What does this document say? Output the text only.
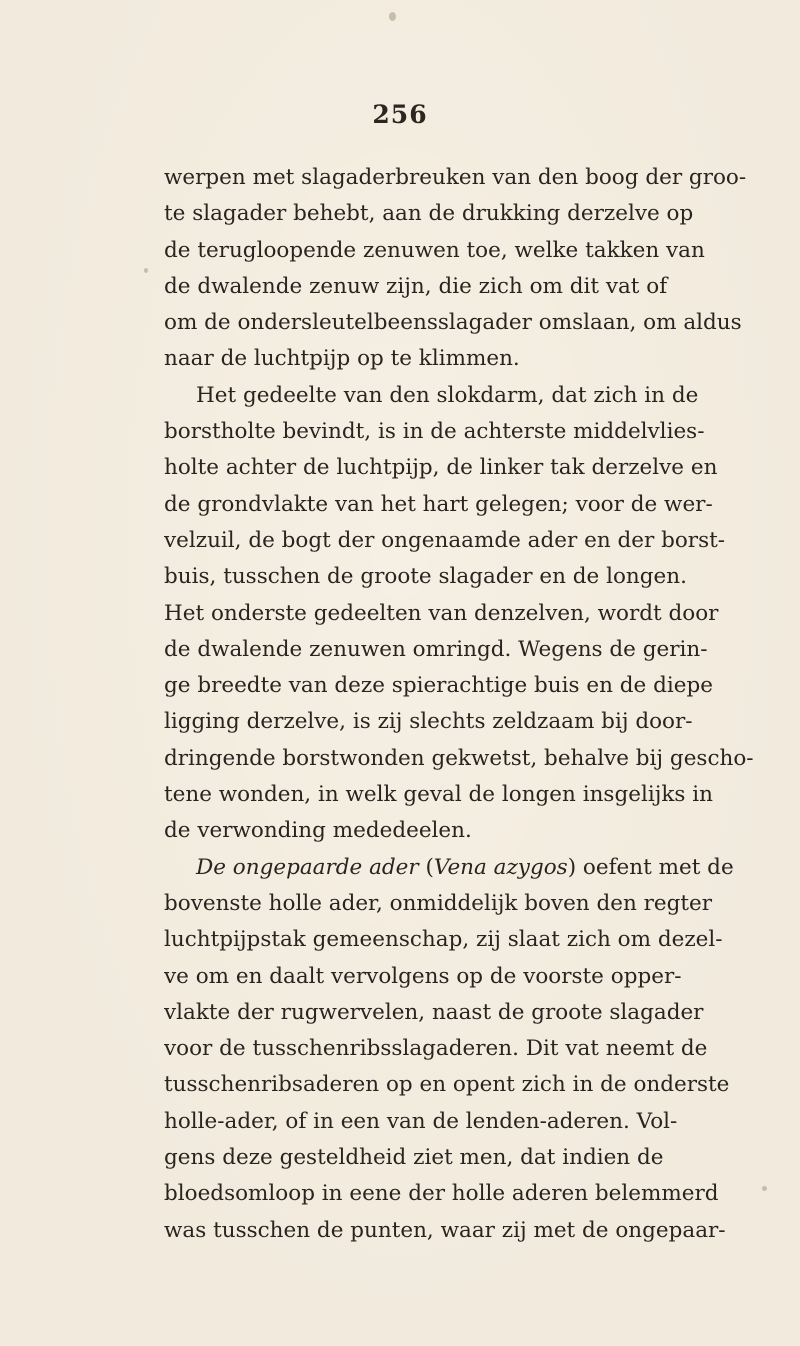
256
werpen met slagaderbreuken van den boog der groo-
te slagader behebt, aan de drukking derzelve op
de terugloopende zenuwen toe, welke takken van
de dwalende zenuw zijn, die zich om dit vat of
om de ondersleutelbeensslagader omslaan, om aldus
naar de luchtpijp op te klimmen.
Het gedeelte van den slokdarm, dat zich in de
borstholte bevindt, is in de achterste middelvlies-
holte achter de luchtpijp, de linker tak derzelve en
de grondvlakte van het hart gelegen; voor de wer-
velzuil, de bogt der ongenaamde ader en der borst-
buis, tusschen de groote slagader en de longen.
Het onderste gedeelten van denzelven, wordt door
de dwalende zenuwen omringd. Wegens de gerin-
ge breedte van deze spierachtige buis en de diepe
ligging derzelve, is zij slechts zeldzaam bij door-
dringende borstwonden gekwetst, behalve bij gescho-
tene wonden, in welk geval de longen insgelijks in
de verwonding mededeelen.
De ongepaarde ader (Vena azygos) oefent met de
bovenste holle ader, onmiddelijk boven den regter
luchtpijpstak gemeenschap, zij slaat zich om dezel-
ve om en daalt vervolgens op de voorste opper-
vlakte der rugwervelen, naast de groote slagader
voor de tusschenribsslagaderen. Dit vat neemt de
tusschenribsaderen op en opent zich in de onderste
holle-ader, of in een van de lenden-aderen. Vol-
gens deze gesteldheid ziet men, dat indien de
bloedsomloop in eene der holle aderen belemmerd
was tusschen de punten, waar zij met de ongepaar-
